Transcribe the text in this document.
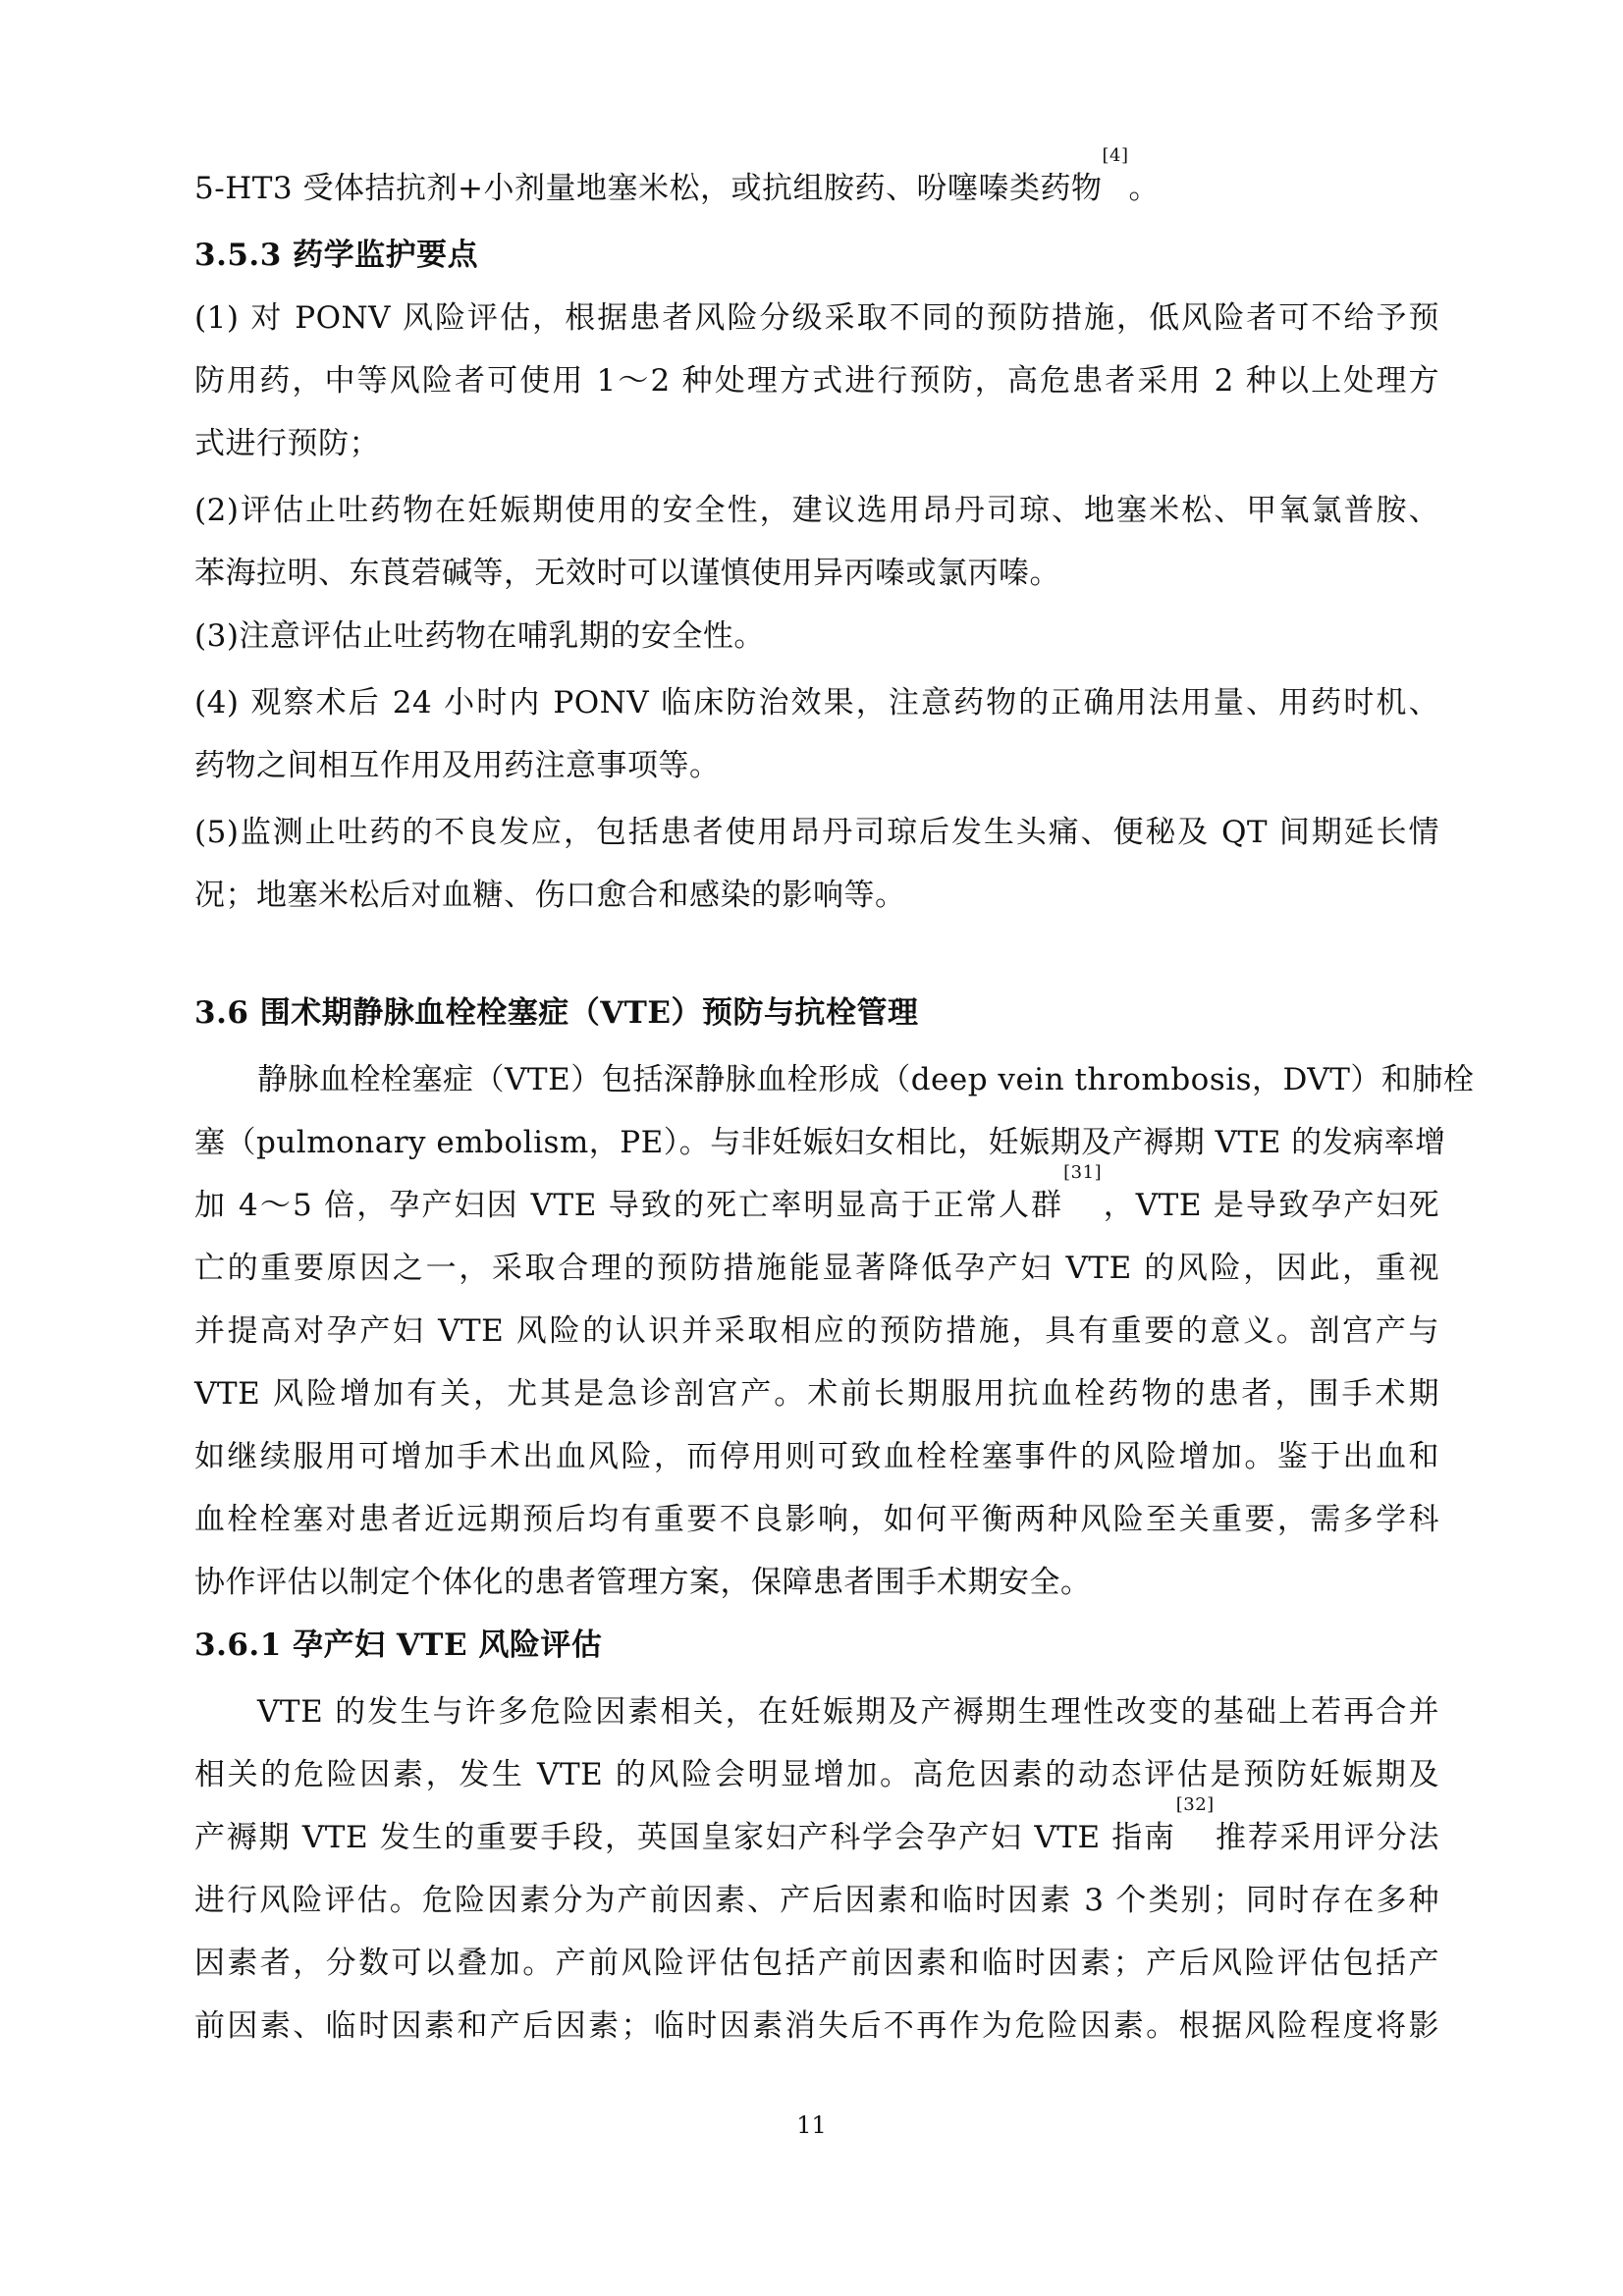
5-HT3 受体拮抗剂+小剂量地塞米松，或抗组胺药、吩噻嗪类药物[4]。
3.5.3 药学监护要点
(1) 对 PONV 风险评估，根据患者风险分级采取不同的预防措施，低风险者可不给予预
防用药，中等风险者可使用 1～2 种处理方式进行预防，高危患者采用 2 种以上处理方
式进行预防；
(2)评估止吐药物在妊娠期使用的安全性，建议选用昂丹司琼、地塞米松、甲氧氯普胺、
苯海拉明、东莨菪碱等，无效时可以谨慎使用异丙嗪或氯丙嗪。
(3)注意评估止吐药物在哺乳期的安全性。
(4) 观察术后 24 小时内 PONV 临床防治效果，注意药物的正确用法用量、用药时机、
药物之间相互作用及用药注意事项等。
(5)监测止吐药的不良发应，包括患者使用昂丹司琼后发生头痛、便秘及 QT 间期延长情
况；地塞米松后对血糖、伤口愈合和感染的影响等。
3.6 围术期静脉血栓栓塞症（VTE）预防与抗栓管理
静脉血栓栓塞症（VTE）包括深静脉血栓形成（deep vein thrombosis，DVT）和肺栓
塞（pulmonary embolism，PE）。与非妊娠妇女相比，妊娠期及产褥期 VTE 的发病率增
加 4～5 倍，孕产妇因 VTE 导致的死亡率明显高于正常人群[31]，VTE 是导致孕产妇死
亡的重要原因之一，采取合理的预防措施能显著降低孕产妇 VTE 的风险，因此，重视
并提高对孕产妇 VTE 风险的认识并采取相应的预防措施，具有重要的意义。剖宫产与
VTE 风险增加有关，尤其是急诊剖宫产。术前长期服用抗血栓药物的患者，围手术期
如继续服用可增加手术出血风险，而停用则可致血栓栓塞事件的风险增加。鉴于出血和
血栓栓塞对患者近远期预后均有重要不良影响，如何平衡两种风险至关重要，需多学科
协作评估以制定个体化的患者管理方案，保障患者围手术期安全。
3.6.1 孕产妇 VTE 风险评估
VTE 的发生与许多危险因素相关，在妊娠期及产褥期生理性改变的基础上若再合并
相关的危险因素，发生 VTE 的风险会明显增加。高危因素的动态评估是预防妊娠期及
产褥期 VTE 发生的重要手段，英国皇家妇产科学会孕产妇 VTE 指南[32]推荐采用评分法
进行风险评估。危险因素分为产前因素、产后因素和临时因素 3 个类别；同时存在多种
因素者，分数可以叠加。产前风险评估包括产前因素和临时因素；产后风险评估包括产
前因素、临时因素和产后因素；临时因素消失后不再作为危险因素。根据风险程度将影
11
